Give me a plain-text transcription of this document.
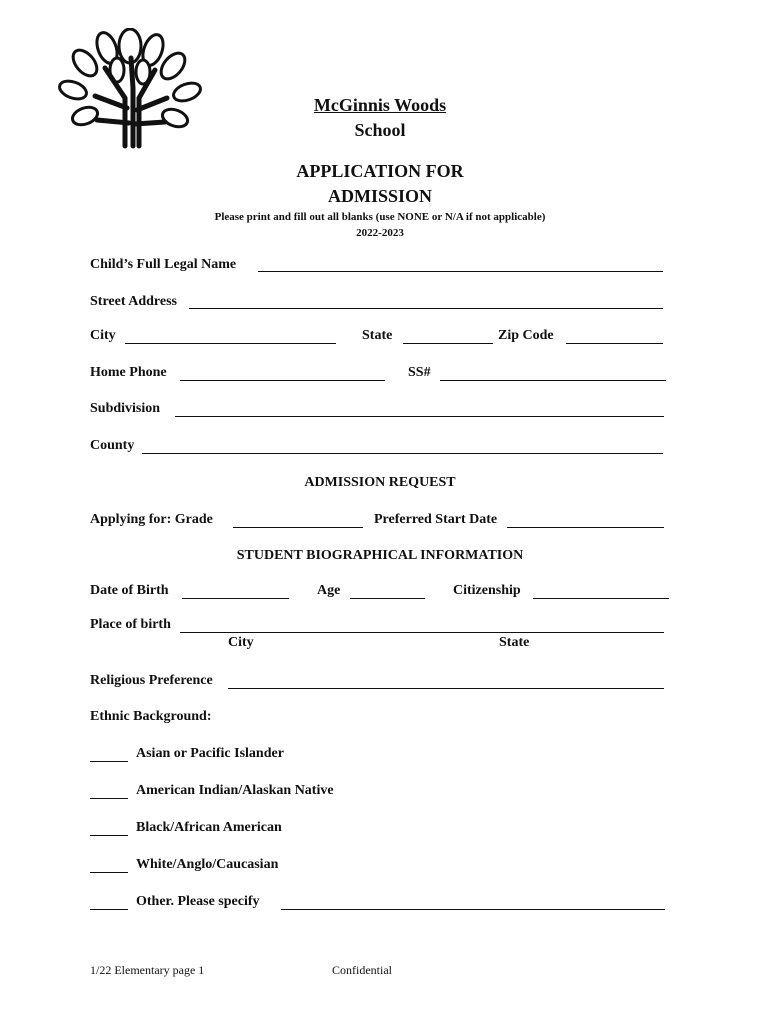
McGinnis Woods
School
APPLICATION FOR
ADMISSION
Please print and fill out all blanks (use NONE or N/A if not applicable)
2022-2023
Child’s Full Legal Name
Street Address
City	State	Zip Code
Home Phone	SS#
Subdivision
County
ADMISSION REQUEST
Applying for: Grade	Preferred Start Date
STUDENT BIOGRAPHICAL INFORMATION
Date of Birth	Age	Citizenship
Place of birth
City	State
Religious Preference
Ethnic Background:
Asian or Pacific Islander
American Indian/Alaskan Native
Black/African American
White/Anglo/Caucasian
Other. Please specify
1/22 Elementary page 1	Confidential
